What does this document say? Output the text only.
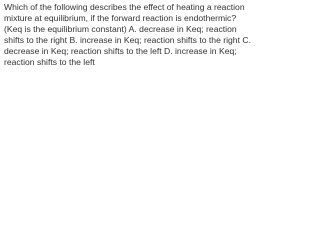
Which of the following describes the effect of heating a reaction mixture at equilibrium, if the forward reaction is endothermic? (Keq is the equilibrium constant) A. decrease in Keq; reaction shifts to the right B. increase in Keq; reaction shifts to the right C. decrease in Keq; reaction shifts to the left D. increase in Keq; reaction shifts to the left
